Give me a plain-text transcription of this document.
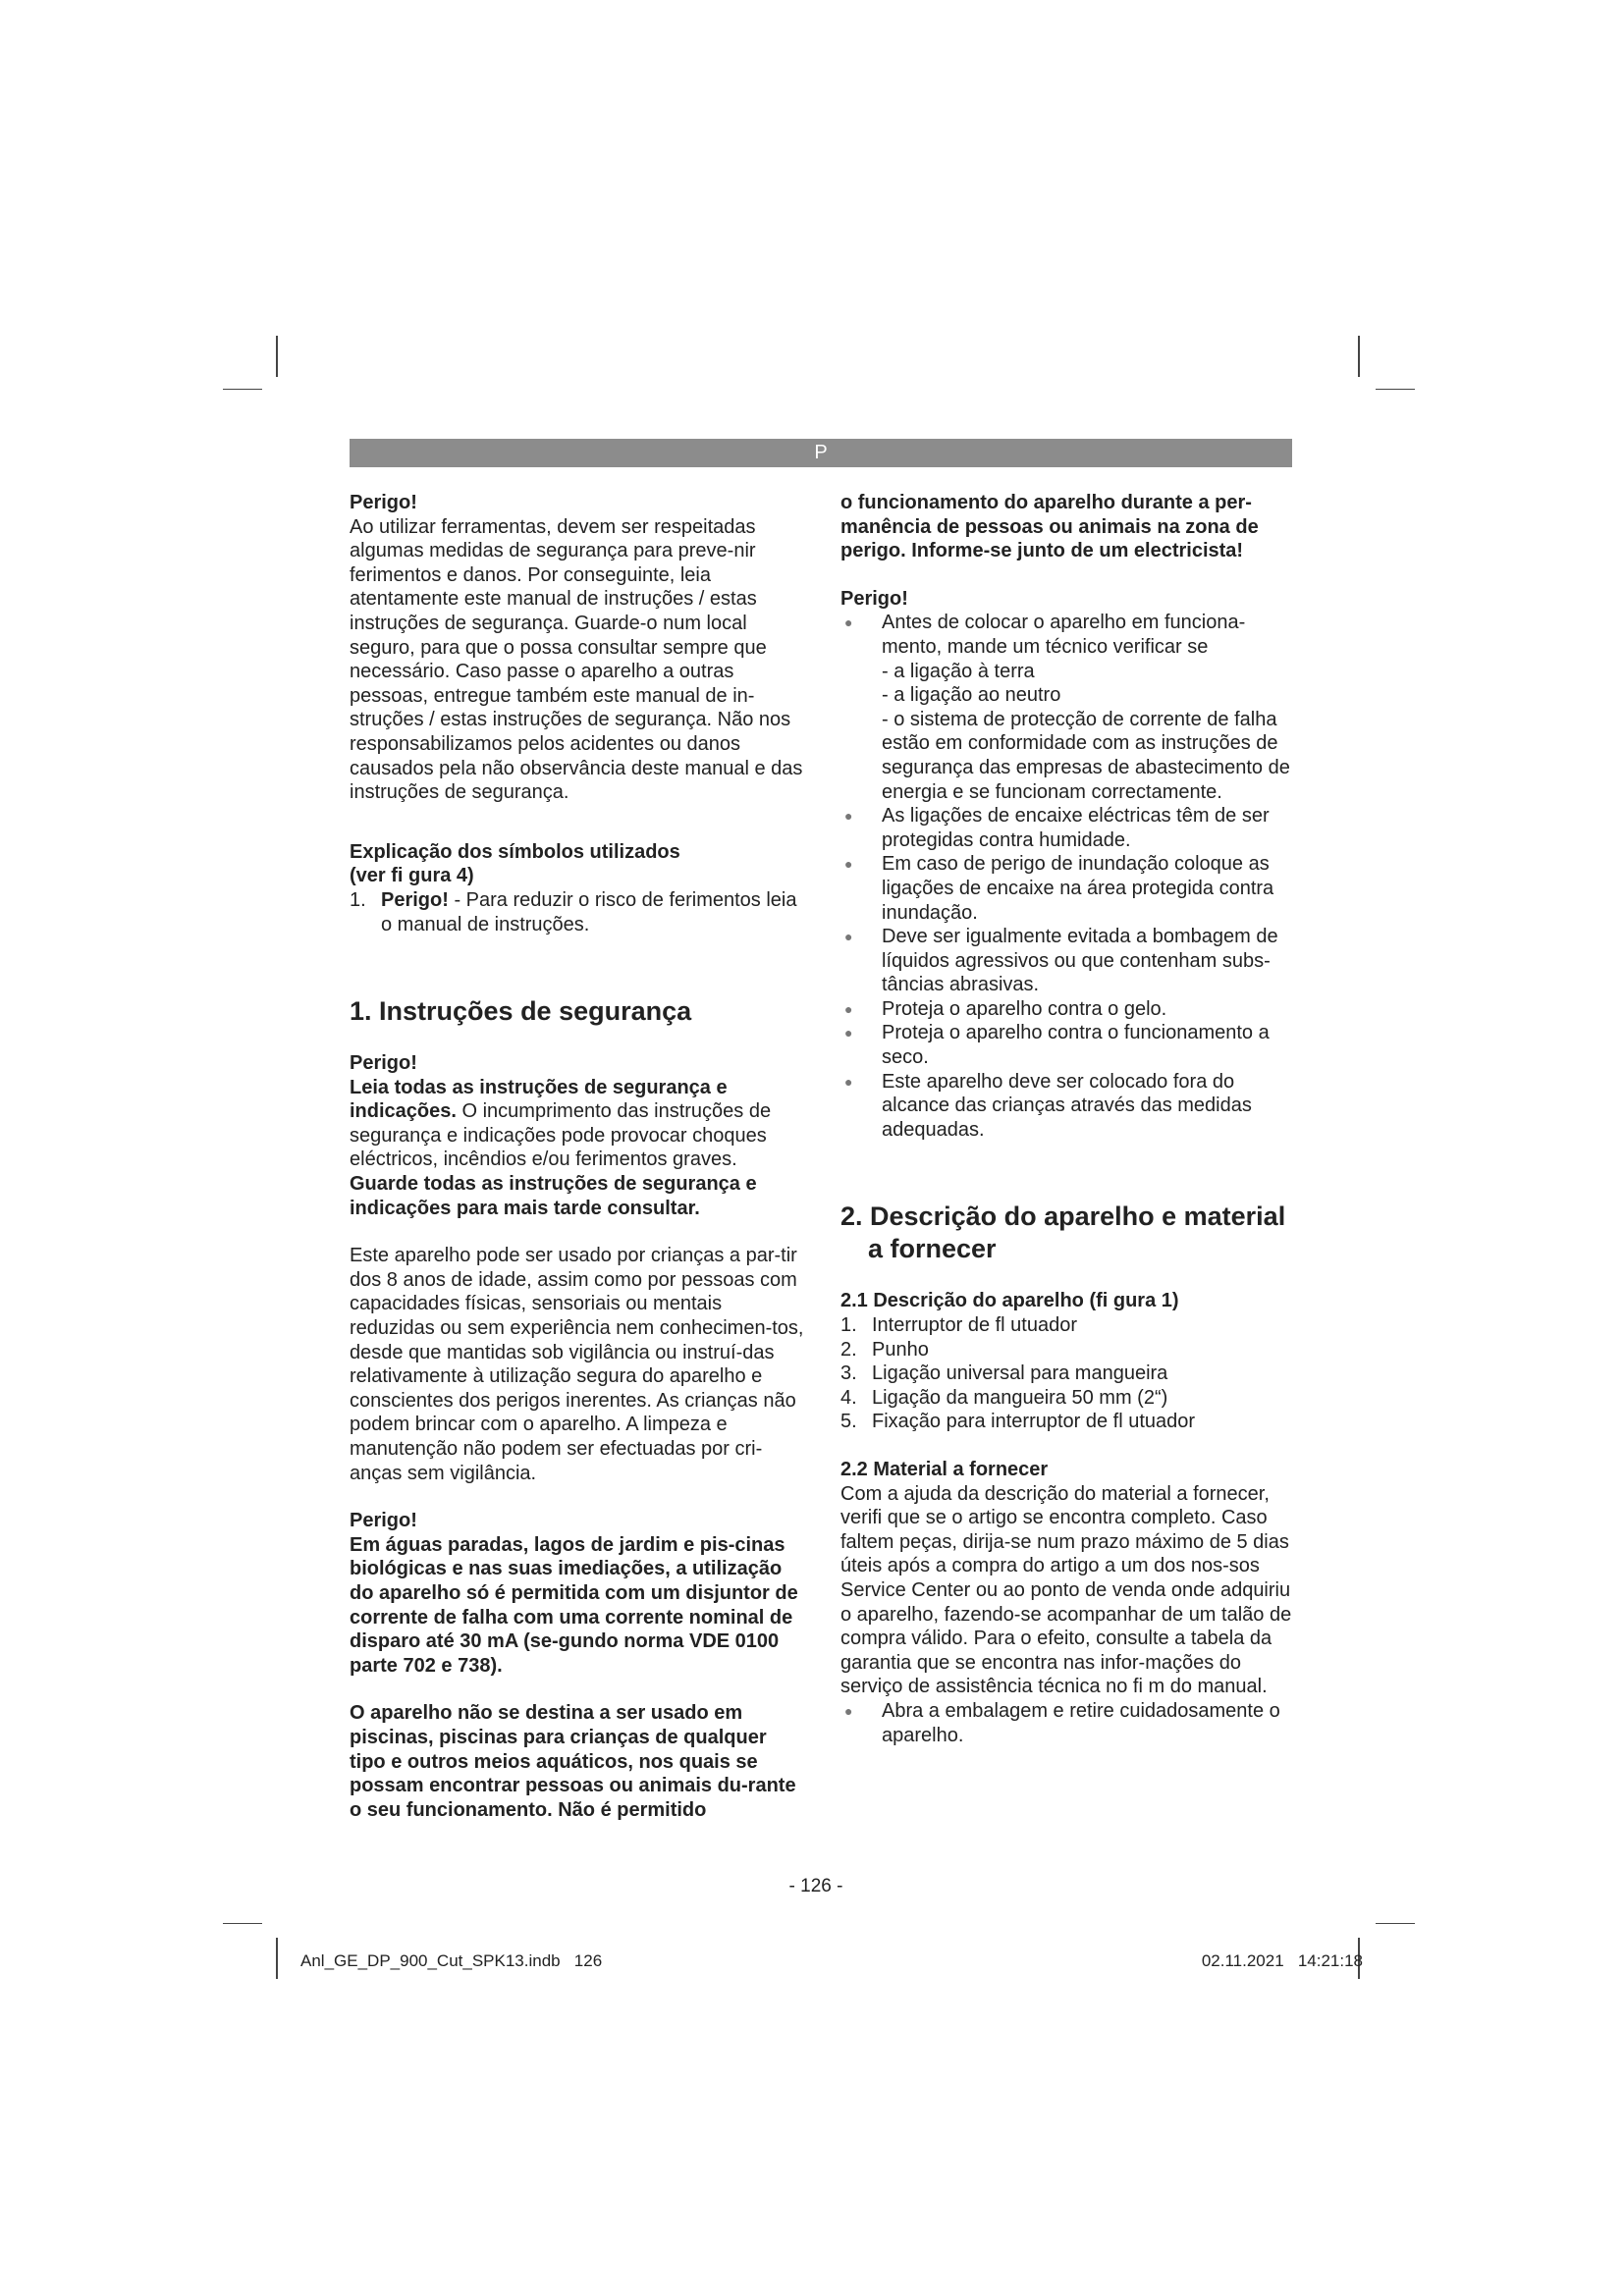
P

Perigo!

Ao utilizar ferramentas, devem ser respeitadas algumas medidas de segurança para preve-nir ferimentos e danos. Por conseguinte, leia atentamente este manual de instruções / estas instruções de segurança. Guarde-o num local seguro, para que o possa consultar sempre que necessário. Caso passe o aparelho a outras pessoas, entregue também este manual de in-struções / estas instruções de segurança. Não nos responsabilizamos pelos acidentes ou danos causados pela não observância deste manual e das instruções de segurança.

Explicação dos símbolos utilizados

(ver fi gura 4)

1. Perigo! - Para reduzir o risco de ferimentos leia o manual de instruções.

1. Instruções de segurança

Perigo!

Leia todas as instruções de segurança e indicações. O incumprimento das instruções de segurança e indicações pode provocar choques eléctricos, incêndios e/ou ferimentos graves.

Guarde todas as instruções de segurança e indicações para mais tarde consultar.

Este aparelho pode ser usado por crianças a par-tir dos 8 anos de idade, assim como por pessoas com capacidades físicas, sensoriais ou mentais reduzidas ou sem experiência nem conhecimen-tos, desde que mantidas sob vigilância ou instruí-das relativamente à utilização segura do aparelho e conscientes dos perigos inerentes. As crianças não podem brincar com o aparelho. A limpeza e manutenção não podem ser efectuadas por cri-anças sem vigilância.

Perigo!

Em águas paradas, lagos de jardim e pis-cinas biológicas e nas suas imediações, a utilização do aparelho só é permitida com um disjuntor de corrente de falha com uma corrente nominal de disparo até 30 mA (se-gundo norma VDE 0100 parte 702 e 738).

O aparelho não se destina a ser usado em piscinas, piscinas para crianças de qualquer tipo e outros meios aquáticos, nos quais se possam encontrar pessoas ou animais du-rante o seu funcionamento. Não é permitido

o funcionamento do aparelho durante a per-manência de pessoas ou animais na zona de perigo. Informe-se junto de um electricista!

Perigo!

●	Antes de colocar o aparelho em funciona-mento, mande um técnico verificar se

- a ligação à terra

- a ligação ao neutro

- o sistema de protecção de corrente de falha estão em conformidade com as instruções de segurança das empresas de abastecimento de energia e se funcionam correctamente.

●	As ligações de encaixe eléctricas têm de ser protegidas contra humidade.

●	Em caso de perigo de inundação coloque as ligações de encaixe na área protegida contra inundação.

●	Deve ser igualmente evitada a bombagem de líquidos agressivos ou que contenham subs-tâncias abrasivas.

●	Proteja o aparelho contra o gelo.

●	Proteja o aparelho contra o funcionamento a seco.

●	Este aparelho deve ser colocado fora do alcance das crianças através das medidas adequadas.

2. Descrição do aparelho e material

a fornecer

2.1 Descrição do aparelho (fi gura 1)

1. Interruptor de fl utuador
2. Punho
3. Ligação universal para mangueira
4. Ligação da mangueira 50 mm (2“)
5. Fixação para interruptor de fl utuador

2.2 Material a fornecer

Com a ajuda da descrição do material a fornecer, verifi que se o artigo se encontra completo. Caso faltem peças, dirija-se num prazo máximo de 5 dias úteis após a compra do artigo a um dos nos-sos Service Center ou ao ponto de venda onde adquiriu o aparelho, fazendo-se acompanhar de um talão de compra válido. Para o efeito, consulte a tabela da garantia que se encontra nas infor-mações do serviço de assistência técnica no fi m do manual.

●	Abra a embalagem e retire cuidadosamente o aparelho.

- 126 -
Anl_GE_DP_900_Cut_SPK13.indb   126	02.11.2021   14:21:18
